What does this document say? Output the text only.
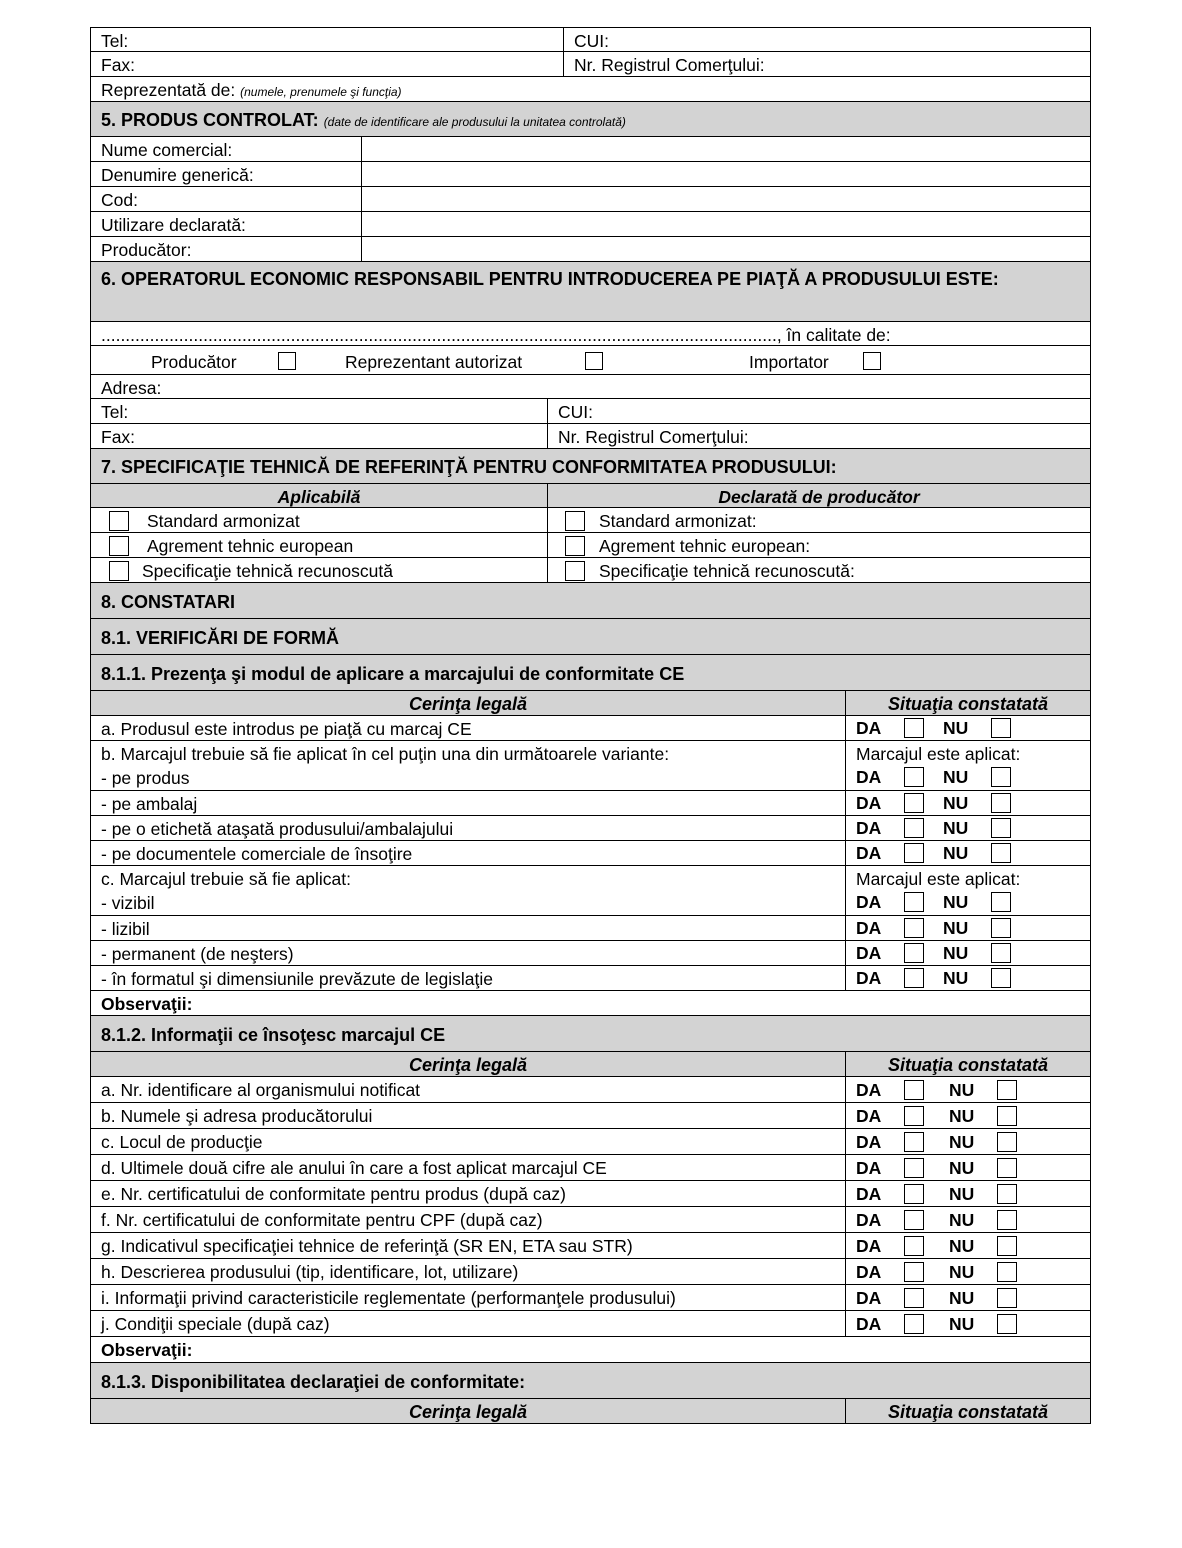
Tel:	CUI:
Fax:	Nr. Registrul Comerţului:
Reprezentată de: (numele, prenumele şi funcţia)
5. PRODUS CONTROLAT: (date de identificare ale produsului la unitatea controlată)
Nume comercial:
Denumire generică:
Cod:
Utilizare declarată:
Producător:
6. OPERATORUL ECONOMIC RESPONSABIL PENTRU INTRODUCEREA PE PIAŢĂ A PRODUSULUI ESTE:
..........................................................................................................................................., în calitate de:
Producător	Reprezentant autorizat	Importator
Adresa:
Tel:	CUI:
Fax:	Nr. Registrul Comerţului:
7. SPECIFICAŢIE TEHNICĂ DE REFERINŢĂ PENTRU CONFORMITATEA PRODUSULUI:
Aplicabilă	Declarată de producător
Standard armonizat	Standard armonizat:
Agrement tehnic european	Agrement tehnic european:
Specificaţie tehnică recunoscută	Specificaţie tehnică recunoscută:
8. CONSTATARI
8.1. VERIFICĂRI DE FORMĂ
8.1.1. Prezenţa şi modul de aplicare a marcajului de conformitate CE
Cerinţa legală	Situaţia constatată
a. Produsul este introdus pe piaţă cu marcaj CE	DA	NU
b. Marcajul trebuie să fie aplicat în cel puţin una din următoarele variante:
- pe produs
Marcajul este aplicat:
DA	NU
- pe ambalaj	DA	NU
- pe o etichetă ataşată produsului/ambalajului	DA	NU
- pe documentele comerciale de însoţire	DA	NU
c. Marcajul trebuie să fie aplicat:
- vizibil
Marcajul este aplicat:
DA	NU
- lizibil	DA	NU
- permanent (de neşters)	DA	NU
- în formatul şi dimensiunile prevăzute de legislaţie	DA	NU
Observaţii:
8.1.2. Informaţii ce însoţesc marcajul CE
Cerinţa legală	Situaţia constatată
a. Nr. identificare al organismului notificat	DA	NU
b. Numele şi adresa producătorului	DA	NU
c. Locul de producţie	DA	NU
d. Ultimele două cifre ale anului în care a fost aplicat marcajul CE	DA	NU
e. Nr. certificatului de conformitate pentru produs (după caz)	DA	NU
f. Nr. certificatului de conformitate pentru CPF (după caz)	DA	NU
g. Indicativul specificaţiei tehnice de referinţă (SR EN, ETA sau STR)	DA	NU
h. Descrierea produsului (tip, identificare, lot, utilizare)	DA	NU
i. Informaţii privind caracteristicile reglementate (performanţele produsului)	DA	NU
j. Condiţii speciale (după caz)	DA	NU
Observaţii:
8.1.3. Disponibilitatea declaraţiei de conformitate:
Cerinţa legală	Situaţia constatată
